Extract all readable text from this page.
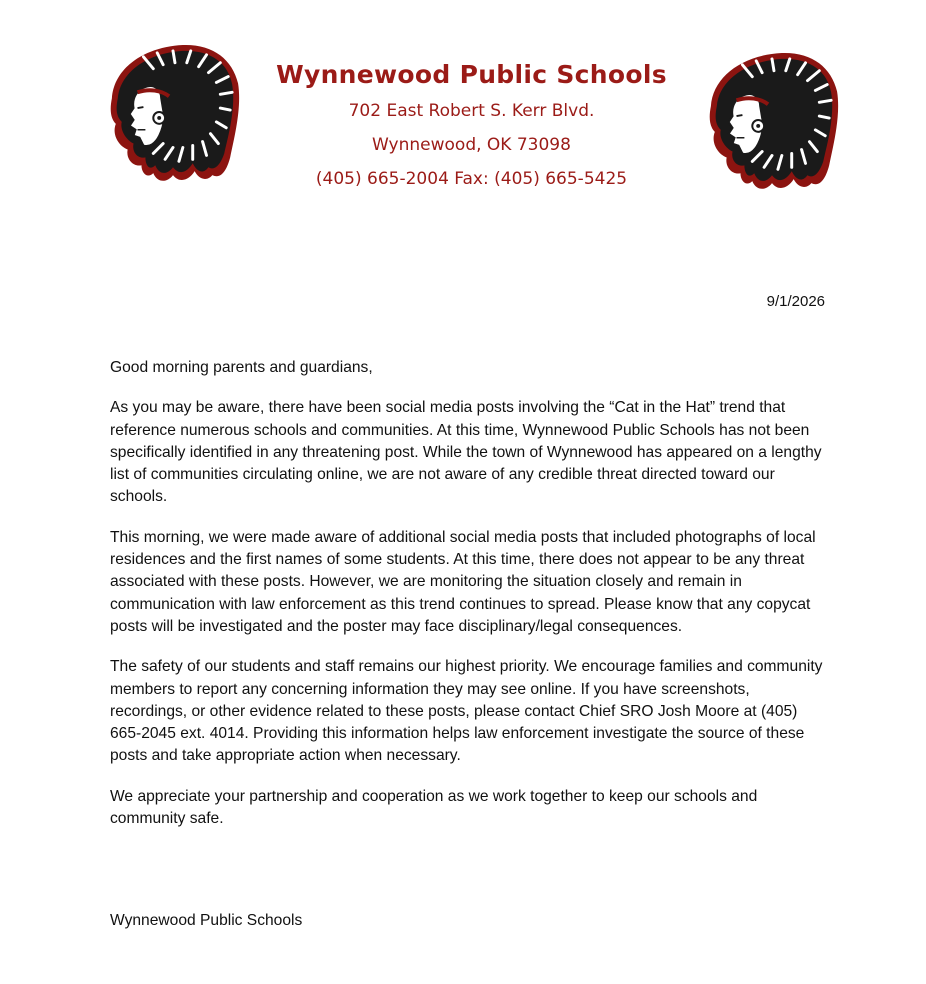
Wynnewood Public Schools
702 East Robert S. Kerr Blvd.
Wynnewood, OK 73098
(405) 665-2004 Fax: (405) 665-5425
9/1/2026

Good morning parents and guardians,

As you may be aware, there have been social media posts involving the “Cat in the Hat” trend that reference numerous schools and communities. At this time, Wynnewood Public Schools has not been specifically identified in any threatening post. While the town of Wynnewood has appeared on a lengthy list of communities circulating online, we are not aware of any credible threat directed toward our schools.

This morning, we were made aware of additional social media posts that included photographs of local residences and the first names of some students. At this time, there does not appear to be any threat associated with these posts. However, we are monitoring the situation closely and remain in communication with law enforcement as this trend continues to spread. Please know that any copycat posts will be investigated and the poster may face disciplinary/legal consequences.

The safety of our students and staff remains our highest priority. We encourage families and community members to report any concerning information they may see online. If you have screenshots, recordings, or other evidence related to these posts, please contact Chief SRO Josh Moore at (405) 665-2045 ext. 4014. Providing this information helps law enforcement investigate the source of these posts and take appropriate action when necessary.

We appreciate your partnership and cooperation as we work together to keep our schools and community safe.

Wynnewood Public Schools
